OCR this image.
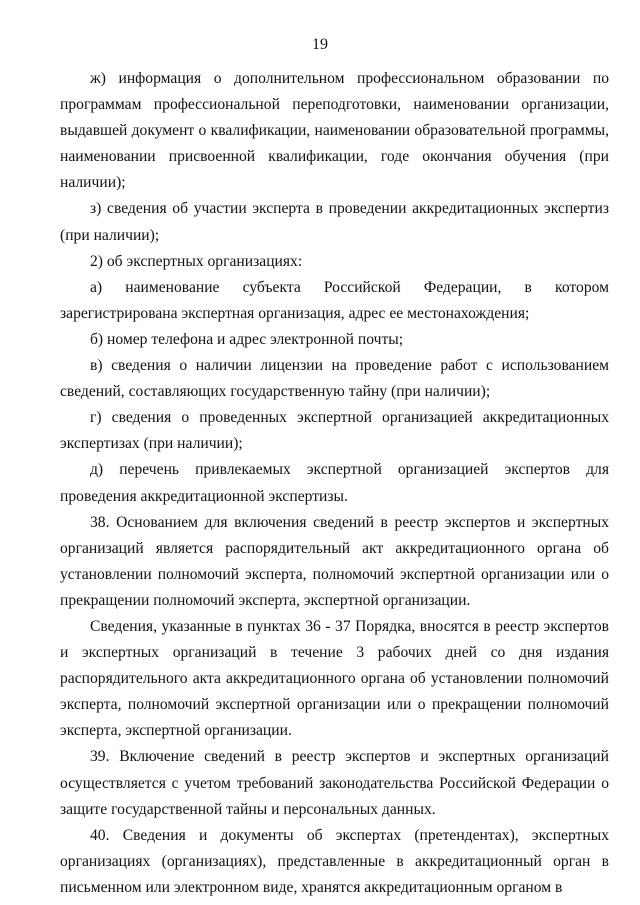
19

ж) информация о дополнительном профессиональном образовании по программам профессиональной переподготовки, наименовании организации, выдавшей документ о квалификации, наименовании образовательной программы, наименовании присвоенной квалификации, годе окончания обучения (при наличии);

з) сведения об участии эксперта в проведении аккредитационных экспертиз (при наличии);

2) об экспертных организациях:

а) наименование субъекта Российской Федерации, в котором зарегистрирована экспертная организация, адрес ее местонахождения;

б) номер телефона и адрес электронной почты;

в) сведения о наличии лицензии на проведение работ с использованием сведений, составляющих государственную тайну (при наличии);

г) сведения о проведенных экспертной организацией аккредитационных экспертизах (при наличии);

д) перечень привлекаемых экспертной организацией экспертов для проведения аккредитационной экспертизы.

38. Основанием для включения сведений в реестр экспертов и экспертных организаций является распорядительный акт аккредитационного органа об установлении полномочий эксперта, полномочий экспертной организации или о прекращении полномочий эксперта, экспертной организации.

Сведения, указанные в пунктах 36 - 37 Порядка, вносятся в реестр экспертов и экспертных организаций в течение 3 рабочих дней со дня издания распорядительного акта аккредитационного органа об установлении полномочий эксперта, полномочий экспертной организации или о прекращении полномочий эксперта, экспертной организации.

39. Включение сведений в реестр экспертов и экспертных организаций осуществляется с учетом требований законодательства Российской Федерации о защите государственной тайны и персональных данных.

40. Сведения и документы об экспертах (претендентах), экспертных организациях (организациях), представленные в аккредитационный орган в письменном или электронном виде, хранятся аккредитационным органом в
